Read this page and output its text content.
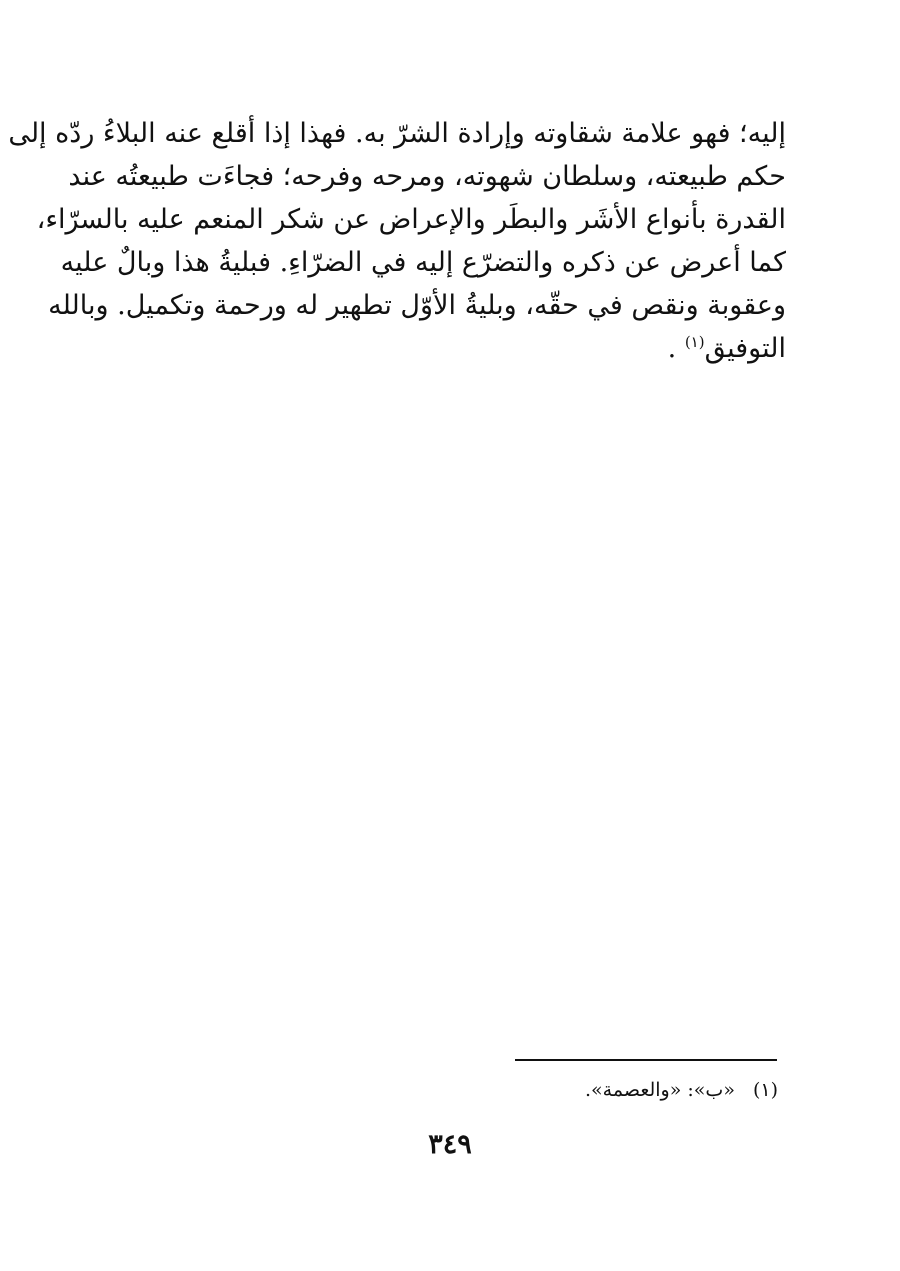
إليه؛ فهو علامة شقاوته وإرادة الشرّ به. فهذا إذا أقلع عنه البلاءُ ردّه إلى
حكم طبيعته، وسلطان شهوته، ومرحه وفرحه؛ فجاءَت طبيعتُه عند
القدرة بأنواع الأشَر والبطَر والإعراض عن شكر المنعم عليه بالسرّاء،
كما أعرض عن ذكره والتضرّع إليه في الضرّاءِ. فبليةُ هذا وبالٌ عليه
وعقوبة ونقص في حقّه، وبليةُ الأوّل تطهير له ورحمة وتكميل. وبالله
التوفيق$^{(١)}$ .
(١)«ب»: «والعصمة».
٣٤٩
